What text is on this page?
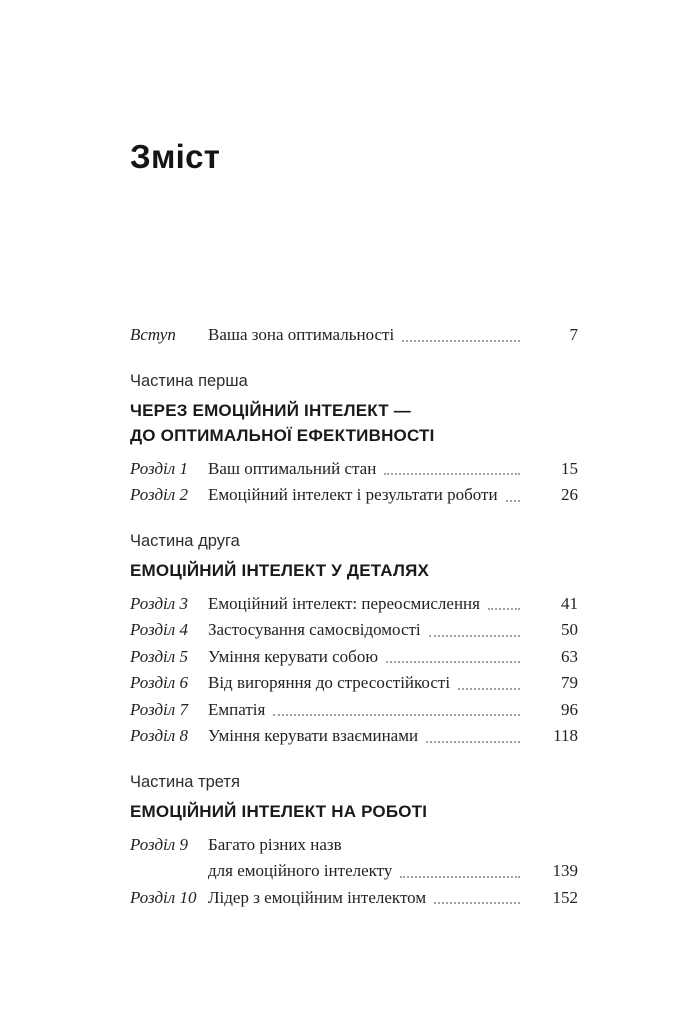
Зміст
Вступ	Ваша зона оптимальності	7
Частина перша
ЧЕРЕЗ ЕМОЦІЙНИЙ ІНТЕЛЕКТ —
ДО ОПТИМАЛЬНОЇ ЕФЕКТИВНОСТІ
Розділ 1	Ваш оптимальний стан	15
Розділ 2	Емоційний інтелект і результати роботи	26
Частина друга
ЕМОЦІЙНИЙ ІНТЕЛЕКТ У ДЕТАЛЯХ
Розділ 3	Емоційний інтелект: переосмислення	41
Розділ 4	Застосування самосвідомості	50
Розділ 5	Уміння керувати собою	63
Розділ 6	Від вигоряння до стресостійкості	79
Розділ 7	Емпатія	96
Розділ 8	Уміння керувати взаєминами	118
Частина третя
ЕМОЦІЙНИЙ ІНТЕЛЕКТ НА РОБОТІ
Розділ 9	Багато різних назв
для емоційного інтелекту	139
Розділ 10 Лідер з емоційним інтелектом	152
